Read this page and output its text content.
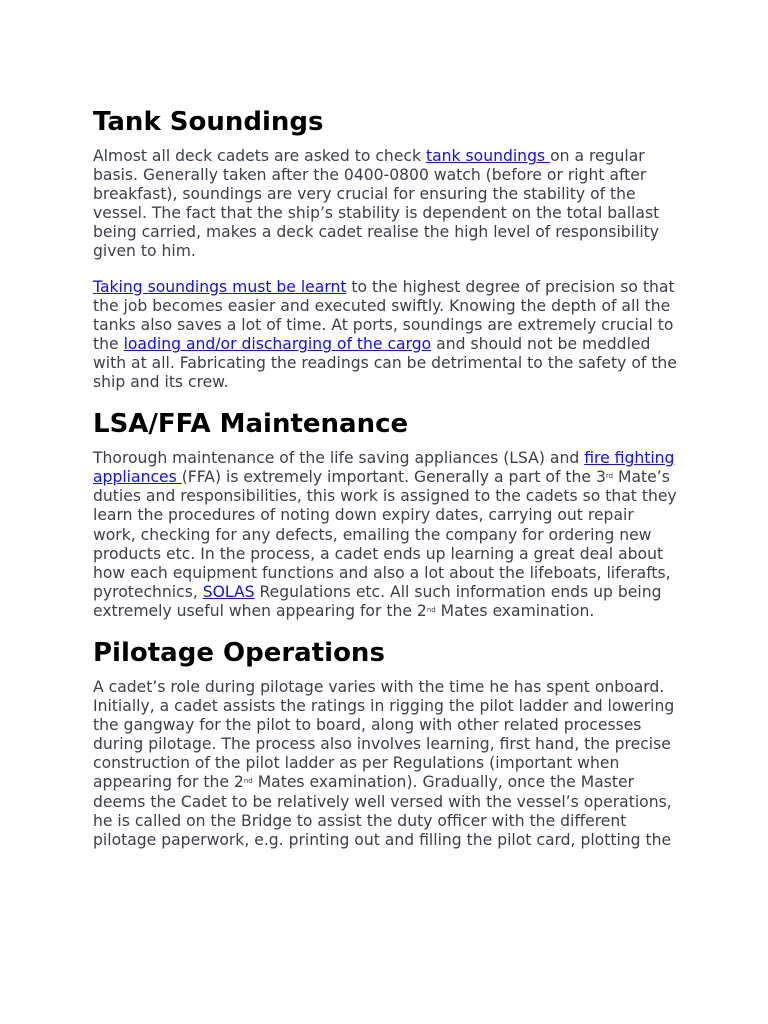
Tank Soundings

Almost all deck cadets are asked to check tank soundings on a regular basis. Generally taken after the 0400-0800 watch (before or right after breakfast), soundings are very crucial for ensuring the stability of the vessel. The fact that the ship’s stability is dependent on the total ballast being carried, makes a deck cadet realise the high level of responsibility given to him.

Taking soundings must be learnt to the highest degree of precision so that the job becomes easier and executed swiftly. Knowing the depth of all the tanks also saves a lot of time. At ports, soundings are extremely crucial to the loading and/or discharging of the cargo and should not be meddled with at all. Fabricating the readings can be detrimental to the safety of the ship and its crew.

LSA/FFA Maintenance

Thorough maintenance of the life saving appliances (LSA) and fire fighting appliances (FFA) is extremely important. Generally a part of the 3rd Mate’s duties and responsibilities, this work is assigned to the cadets so that they learn the procedures of noting down expiry dates, carrying out repair work, checking for any defects, emailing the company for ordering new products etc. In the process, a cadet ends up learning a great deal about how each equipment functions and also a lot about the lifeboats, liferafts, pyrotechnics, SOLAS Regulations etc. All such information ends up being extremely useful when appearing for the 2nd Mates examination.

Pilotage Operations

A cadet’s role during pilotage varies with the time he has spent onboard. Initially, a cadet assists the ratings in rigging the pilot ladder and lowering the gangway for the pilot to board, along with other related processes during pilotage. The process also involves learning, first hand, the precise construction of the pilot ladder as per Regulations (important when appearing for the 2nd Mates examination). Gradually, once the Master deems the Cadet to be relatively well versed with the vessel’s operations, he is called on the Bridge to assist the duty officer with the different pilotage paperwork, e.g. printing out and filling the pilot card, plotting the
